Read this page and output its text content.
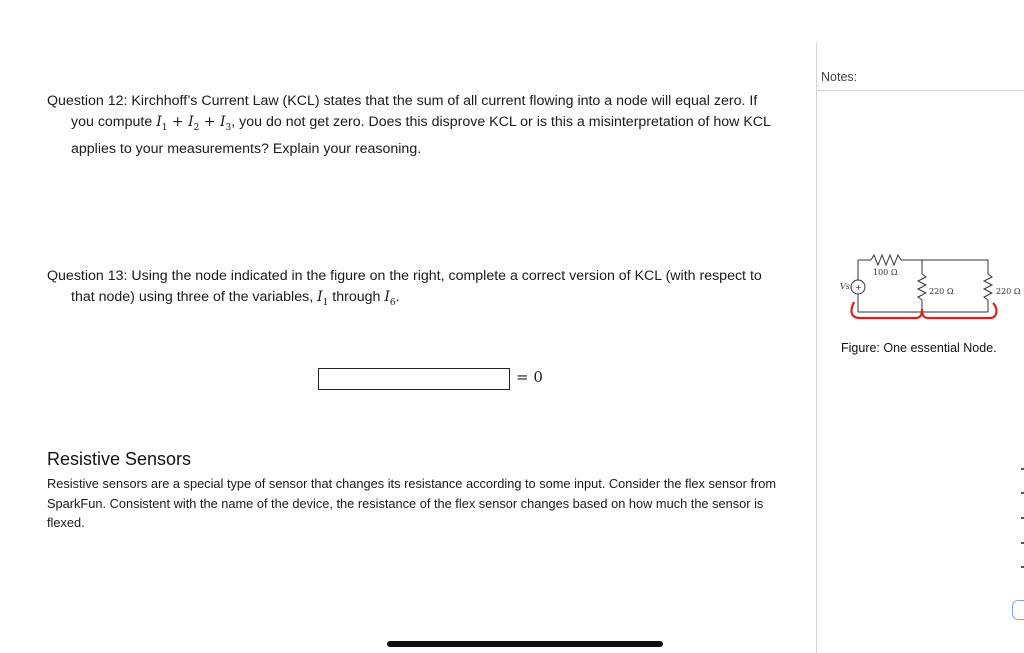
Question 12: Kirchhoff’s Current Law (KCL) states that the sum of all current flowing into a node will equal zero. If
you compute $I_1 + I_2 + I_3$, you do not get zero. Does this disprove KCL or is this a misinterpretation of how KCL
applies to your measurements? Explain your reasoning.
Question 13: Using the node indicated in the figure on the right, complete a correct version of KCL (with respect to
that node) using three of the variables, $I_1$ through $I_6$.
= 0
Resistive Sensors
Resistive sensors are a special type of sensor that changes its resistance according to some input. Consider the flex sensor from
SparkFun. Consistent with the name of the device, the resistance of the flex sensor changes based on how much the sensor is
flexed.
Notes:
+
Vs
100 Ω
220 Ω	220 Ω
Figure: One essential Node.
